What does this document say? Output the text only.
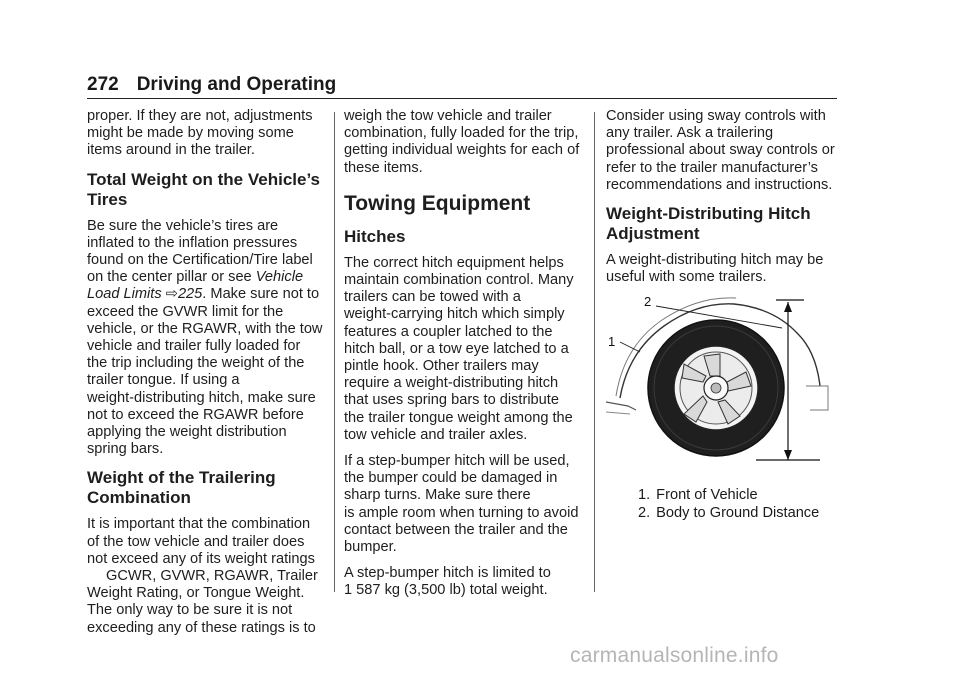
272 Driving and Operating

proper. If they are not, adjustments
might be made by moving some
items around in the trailer.

Total Weight on the Vehicle’s
Tires

Be sure the vehicle’s tires are
inflated to the inflation pressures
found on the Certification/Tire label
on the center pillar or see Vehicle
Load Limits ⇨225. Make sure not to
exceed the GVWR limit for the
vehicle, or the RGAWR, with the tow
vehicle and trailer fully loaded for
the trip including the weight of the
trailer tongue. If using a
weight-distributing hitch, make sure
not to exceed the RGAWR before
applying the weight distribution
spring bars.

Weight of the Trailering
Combination

It is important that the combination
of the tow vehicle and trailer does
not exceed any of its weight ratings
GCWR, GVWR, RGAWR, Trailer
Weight Rating, or Tongue Weight.
The only way to be sure it is not
exceeding any of these ratings is to

weigh the tow vehicle and trailer
combination, fully loaded for the trip,
getting individual weights for each of
these items.

Towing Equipment
Hitches

The correct hitch equipment helps
maintain combination control. Many
trailers can be towed with a
weight-carrying hitch which simply
features a coupler latched to the
hitch ball, or a tow eye latched to a
pintle hook. Other trailers may
require a weight-distributing hitch
that uses spring bars to distribute
the trailer tongue weight among the
tow vehicle and trailer axles.

If a step-bumper hitch will be used,
the bumper could be damaged in
sharp turns. Make sure there
is ample room when turning to avoid
contact between the trailer and the
bumper.

A step-bumper hitch is limited to
1 587 kg (3,500 lb) total weight.

Consider using sway controls with
any trailer. Ask a trailering
professional about sway controls or
refer to the trailer manufacturer’s
recommendations and instructions.

Weight-Distributing Hitch
Adjustment

A weight-distributing hitch may be
useful with some trailers.

2
1
1. Front of Vehicle
2. Body to Ground Distance
carmanualsonline.info
